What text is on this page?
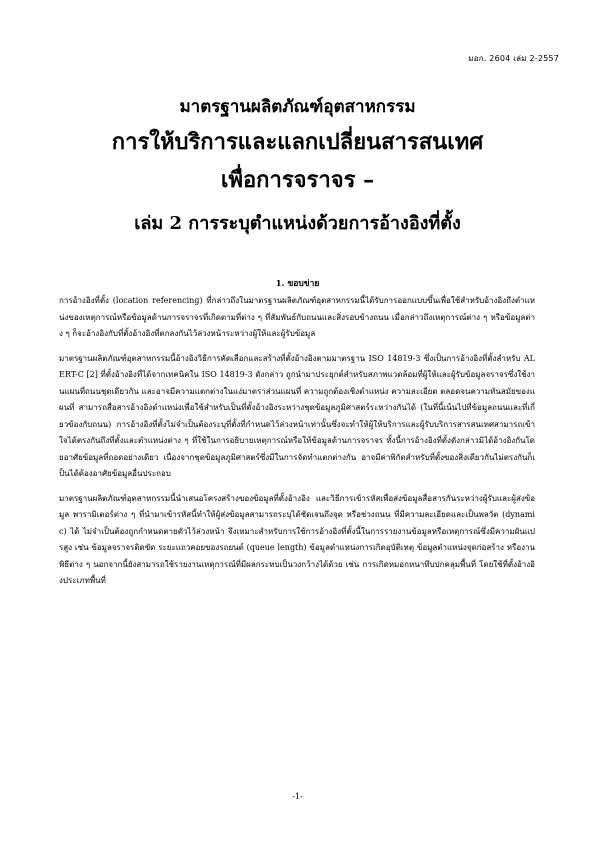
มอก. 2604 เล่ม 2-2557

มาตรฐานผลิตภัณฑ์อุตสาหกรรม

การให้บริการและแลกเปลี่ยนสารสนเทศ

เพื่อการจราจร –

เล่ม 2 การระบุตำแหน่งด้วยการอ้างอิงที่ตั้ง

1. ขอบข่าย

การอ้างอิงที่ตั้ง (location referencing) ที่กล่าวถึงในมาตรฐานผลิตภัณฑ์อุตสาหกรรมนี้ได้รับการออกแบบขึ้นเพื่อใช้สำหรับอ้างอิงถึงตำแหน่งของเหตุการณ์หรือข้อมูลด้านการจราจรที่เกิดตามที่ต่าง ๆ ที่สัมพันธ์กับถนนและสิ่งรอบข้างถนน เมื่อกล่าวถึงเหตุการณ์ต่าง ๆ หรือข้อมูลต่าง ๆ ก็จะอ้างอิงกับที่ตั้งอ้างอิงที่ตกลงกันไว้ล่วงหน้าระหว่างผู้ให้และผู้รับข้อมูล

มาตรฐานผลิตภัณฑ์อุตสาหกรรมนี้อ้างอิงวิธีการคัดเลือกและสร้างที่ตั้งอ้างอิงตามมาตรฐาน ISO 14819-3 ซึ่งเป็นการอ้างอิงที่ตั้งสำหรับ ALERT-C [2] ที่ตั้งอ้างอิงที่ได้จากเทคนิคใน ISO 14819-3 ดังกล่าว ถูกนำมาประยุกต์สำหรับสภาพแวดล้อมที่ผู้ให้และผู้รับข้อมูลจราจรซึ่งใช้งานแผนที่ถนนชุดเดียวกัน และอาจมีความแตกต่างในแง่มาตราส่วนแผนที่ ความถูกต้องเชิงตำแหน่ง ความละเอียด ตลอดจนความทันสมัยของแผนที่ สามารถสื่อสารอ้างอิงตำแหน่งเพื่อใช้สำหรับเป็นที่ตั้งอ้างอิงระหว่างชุดข้อมูลภูมิศาสตร์ระหว่างกันได้ (ในที่นี้เน้นไปที่ข้อมูลถนนและที่เกี่ยวข้องกับถนน) การอ้างอิงที่ตั้งไม่จำเป็นต้องระบุที่ตั้งที่กำหนดไว้ล่วงหน้าเท่านั้นซึ่งจะทำให้ผู้ให้บริการและผู้รับบริการสารสนเทศสามารถเข้าใจได้ตรงกันถึงที่ตั้งและตำแหน่งต่าง ๆ ที่ใช้ในการอธิบายเหตุการณ์หรือให้ข้อมูลด้านการจราจร ทั้งนี้การอ้างอิงที่ตั้งดังกล่าวมิได้อ้างอิงกันโดยอาศัยข้อมูลที่ถอดอย่างเดียว เนื่องจากชุดข้อมูลภูมิศาสตร์ซึ่งมีในการจัดทำแตกต่างกัน อาจมีค่าพิกัดสำหรับที่ตั้งของสิ่งเดียวกันไม่ตรงกันก็เป็นได้ต้องอาศัยข้อมูลอื่นประกอบ

มาตรฐานผลิตภัณฑ์อุตสาหกรรมนี้นำเสนอโครงสร้างของข้อมูลที่ตั้งอ้างอิง และวิธีการเข้ารหัสเพื่อส่งข้อมูลสื่อสารกันระหว่างผู้รับและผู้ส่งข้อมูล พารามิเตอร์ต่าง ๆ ที่นำมาเข้ารหัสนี้ทำให้ผู้ส่งข้อมูลสามารถระบุได้ชัดเจนถึงจุด หรือช่วงถนน ที่มีความละเอียดและเป็นพลวัต (dynamic) ได้ ไม่จำเป็นต้องถูกกำหนดตายตัวไว้ล่วงหน้า จึงเหมาะสำหรับการใช้การอ้างอิงที่ตั้งนี้ในการรายงานข้อมูลหรือเหตุการณ์ซึ่งมีความผันแปรสูง เช่น ข้อมูลจราจรติดขัด ระยะแถวคอยของรถยนต์ (queue length) ข้อมูลตำแหน่งการเกิดอุบัติเหตุ ข้อมูลตำแหน่งจุดก่อสร้าง หรืองานพิธีต่าง ๆ นอกจากนี้ยังสามารถใช้รายงานเหตุการณ์ที่มีผลกระทบเป็นวงกว้างได้ด้วย เช่น การเกิดหมอกหนาทึบปกคลุมพื้นที่ โดยใช้ที่ตั้งอ้างอิงประเภทพื้นที่

-1-
